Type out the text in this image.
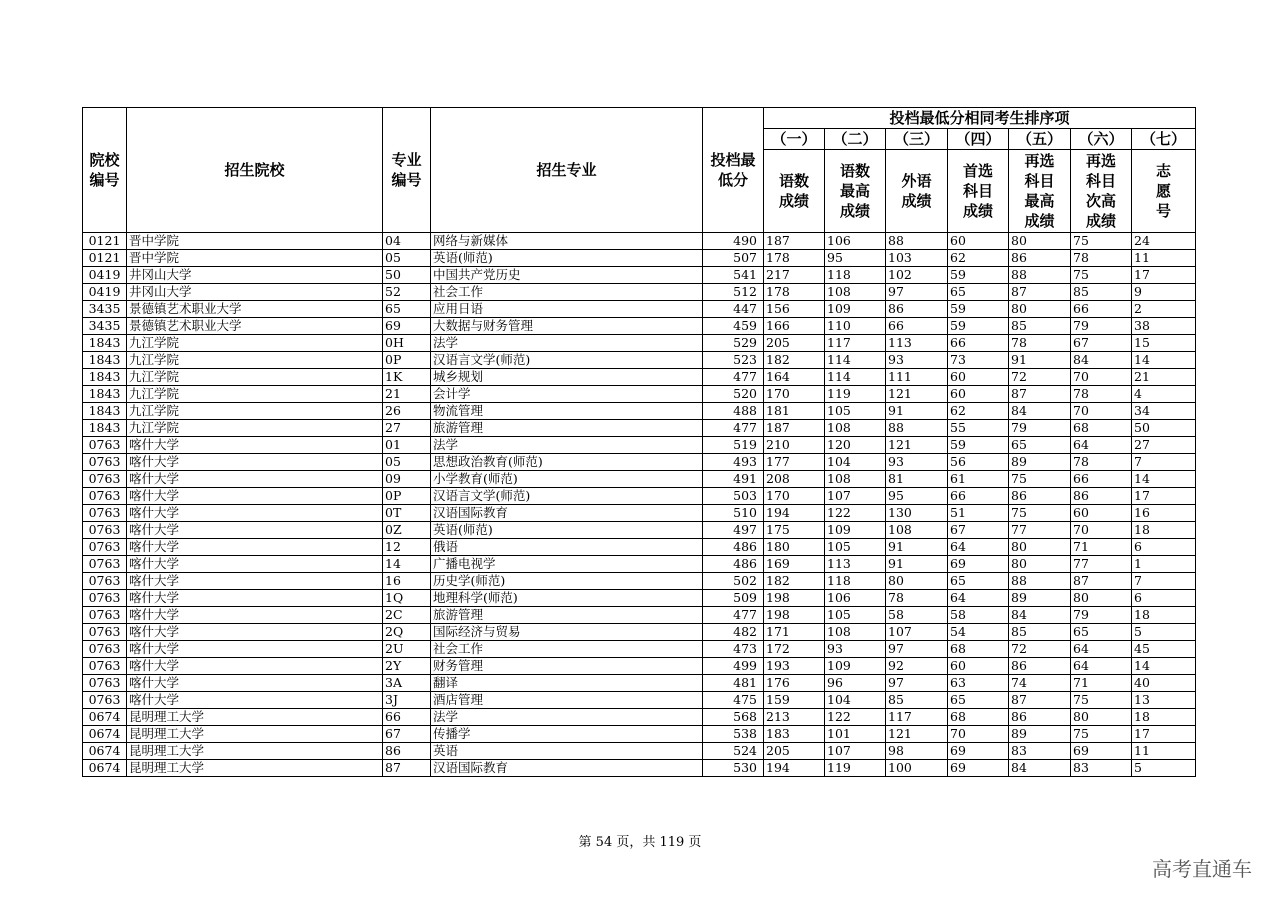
院校编号	招生院校	专业编号	招生专业	投档最低分	投档最低分相同考生排序项						
					（一）	（二）	（三）	（四）	（五）	（六）	（七）
					语数成绩	语数最高成绩	外语成绩	首选科目成绩	再选科目最高成绩	再选科目次高成绩	志愿号
0121	晋中学院	04	网络与新媒体	490	187	106	88	60	80	75	24
0121	晋中学院	05	英语(师范)	507	178	95	103	62	86	78	11
0419	井冈山大学	50	中国共产党历史	541	217	118	102	59	88	75	17
0419	井冈山大学	52	社会工作	512	178	108	97	65	87	85	9
3435	景德镇艺术职业大学	65	应用日语	447	156	109	86	59	80	66	2
3435	景德镇艺术职业大学	69	大数据与财务管理	459	166	110	66	59	85	79	38
1843	九江学院	0H	法学	529	205	117	113	66	78	67	15
1843	九江学院	0P	汉语言文学(师范)	523	182	114	93	73	91	84	14
1843	九江学院	1K	城乡规划	477	164	114	111	60	72	70	21
1843	九江学院	21	会计学	520	170	119	121	60	87	78	4
1843	九江学院	26	物流管理	488	181	105	91	62	84	70	34
1843	九江学院	27	旅游管理	477	187	108	88	55	79	68	50
0763	喀什大学	01	法学	519	210	120	121	59	65	64	27
0763	喀什大学	05	思想政治教育(师范)	493	177	104	93	56	89	78	7
0763	喀什大学	09	小学教育(师范)	491	208	108	81	61	75	66	14
0763	喀什大学	0P	汉语言文学(师范)	503	170	107	95	66	86	86	17
0763	喀什大学	0T	汉语国际教育	510	194	122	130	51	75	60	16
0763	喀什大学	0Z	英语(师范)	497	175	109	108	67	77	70	18
0763	喀什大学	12	俄语	486	180	105	91	64	80	71	6
0763	喀什大学	14	广播电视学	486	169	113	91	69	80	77	1
0763	喀什大学	16	历史学(师范)	502	182	118	80	65	88	87	7
0763	喀什大学	1Q	地理科学(师范)	509	198	106	78	64	89	80	6
0763	喀什大学	2C	旅游管理	477	198	105	58	58	84	79	18
0763	喀什大学	2Q	国际经济与贸易	482	171	108	107	54	85	65	5
0763	喀什大学	2U	社会工作	473	172	93	97	68	72	64	45
0763	喀什大学	2Y	财务管理	499	193	109	92	60	86	64	14
0763	喀什大学	3A	翻译	481	176	96	97	63	74	71	40
0763	喀什大学	3J	酒店管理	475	159	104	85	65	87	75	13
0674	昆明理工大学	66	法学	568	213	122	117	68	86	80	18
0674	昆明理工大学	67	传播学	538	183	101	121	70	89	75	17
0674	昆明理工大学	86	英语	524	205	107	98	69	83	69	11
0674	昆明理工大学	87	汉语国际教育	530	194	119	100	69	84	83	5
第 54 页，共 119 页
高考直通车
